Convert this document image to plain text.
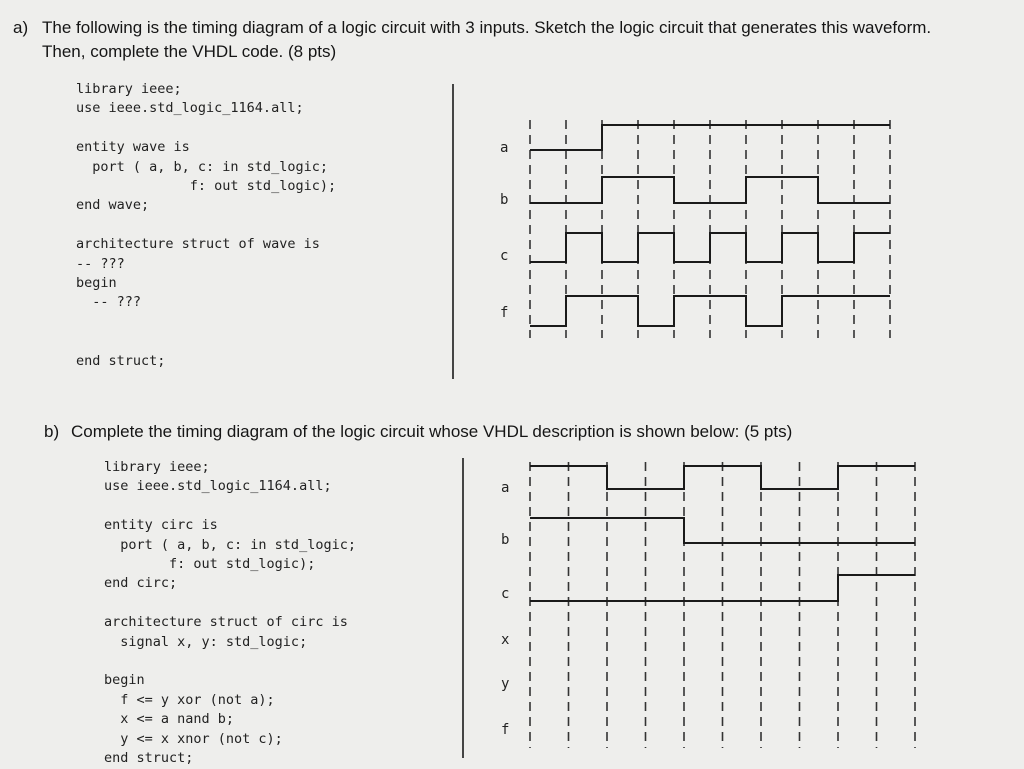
a) The following is the timing diagram of a logic circuit with 3 inputs. Sketch the logic circuit that generates this waveform.
Then, complete the VHDL code. (8 pts)
library ieee;
use ieee.std_logic_1164.all;

entity wave is
port ( a, b, c: in std_logic;
f: out std_logic);
end wave;

architecture struct of wave is
-- ???
begin
-- ???

end struct;
a
b
c
f
b) Complete the timing diagram of the logic circuit whose VHDL description is shown below: (5 pts)
library ieee;
use ieee.std_logic_1164.all;

entity circ is
port ( a, b, c: in std_logic;
f: out std_logic);
end circ;

architecture struct of circ is
signal x, y: std_logic;

begin
f <= y xor (not a);
x <= a nand b;
y <= x xnor (not c);
end struct;
a
b
c
x
y
f
